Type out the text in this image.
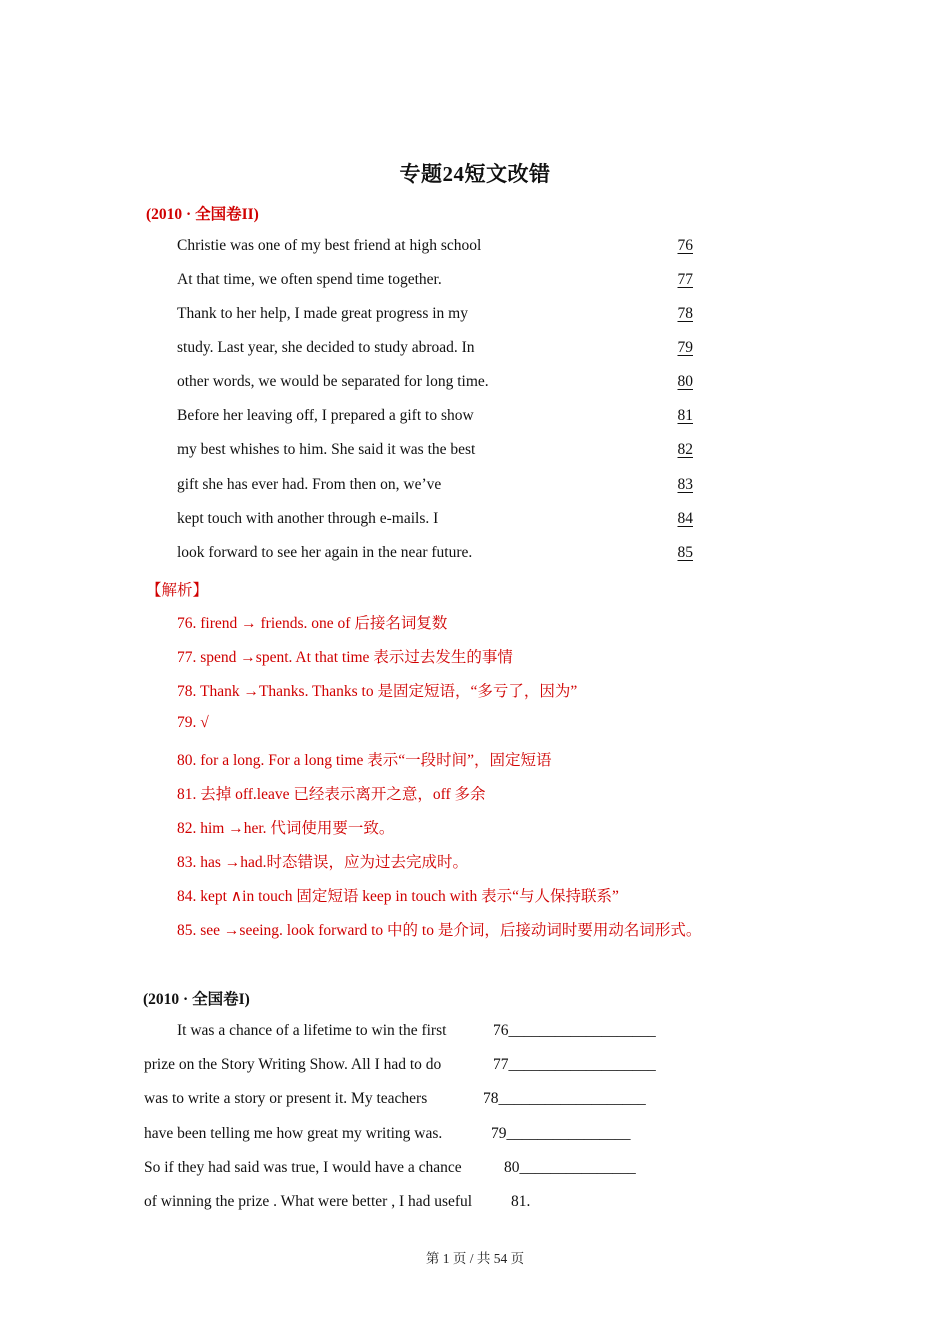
专题24短文改错
(2010 · 全国卷II)
Christie was one of my best friend at high school	76
At that time, we often spend time together.	77
Thank to her help, I made great progress in my	78
study. Last year, she decided to study abroad. In	79
other words, we would be separated for long time.	80
Before her leaving off, I prepared a gift to show	81
my best whishes to him. She said it was the best	82
gift she has ever had. From then on, we’ve	83
kept touch with another through e-mails. I	84
look forward to see her again in the near future.	85
【解析】
76. firend → friends. one of 后接名词复数
77. spend →spent. At that time 表示过去发生的事情
78. Thank →Thanks. Thanks to 是固定短语，“多亏了，因为”
79. √
80. for a long. For a long time 表示“一段时间”，固定短语
81. 去掉 off.leave 已经表示离开之意，off 多余
82. him →her. 代词使用要一致。
83. has →had.时态错误，应为过去完成时。
84. kept ∧in touch 固定短语 keep in touch with 表示“与人保持联系”
85. see →seeing. look forward to 中的 to 是介词，后接动词时要用动名词形式。
(2010 · 全国卷I)
It was a chance of a lifetime to win the first	76___________________
prize on the Story Writing Show. All I had to do	77___________________
was to write a story or present it. My teachers	78___________________
have been telling me how great my writing was.	79________________
So if they had said was true, I would have a chance	80_______________
of winning the prize . What were better , I had useful	81.
第 1 页 / 共 54 页
